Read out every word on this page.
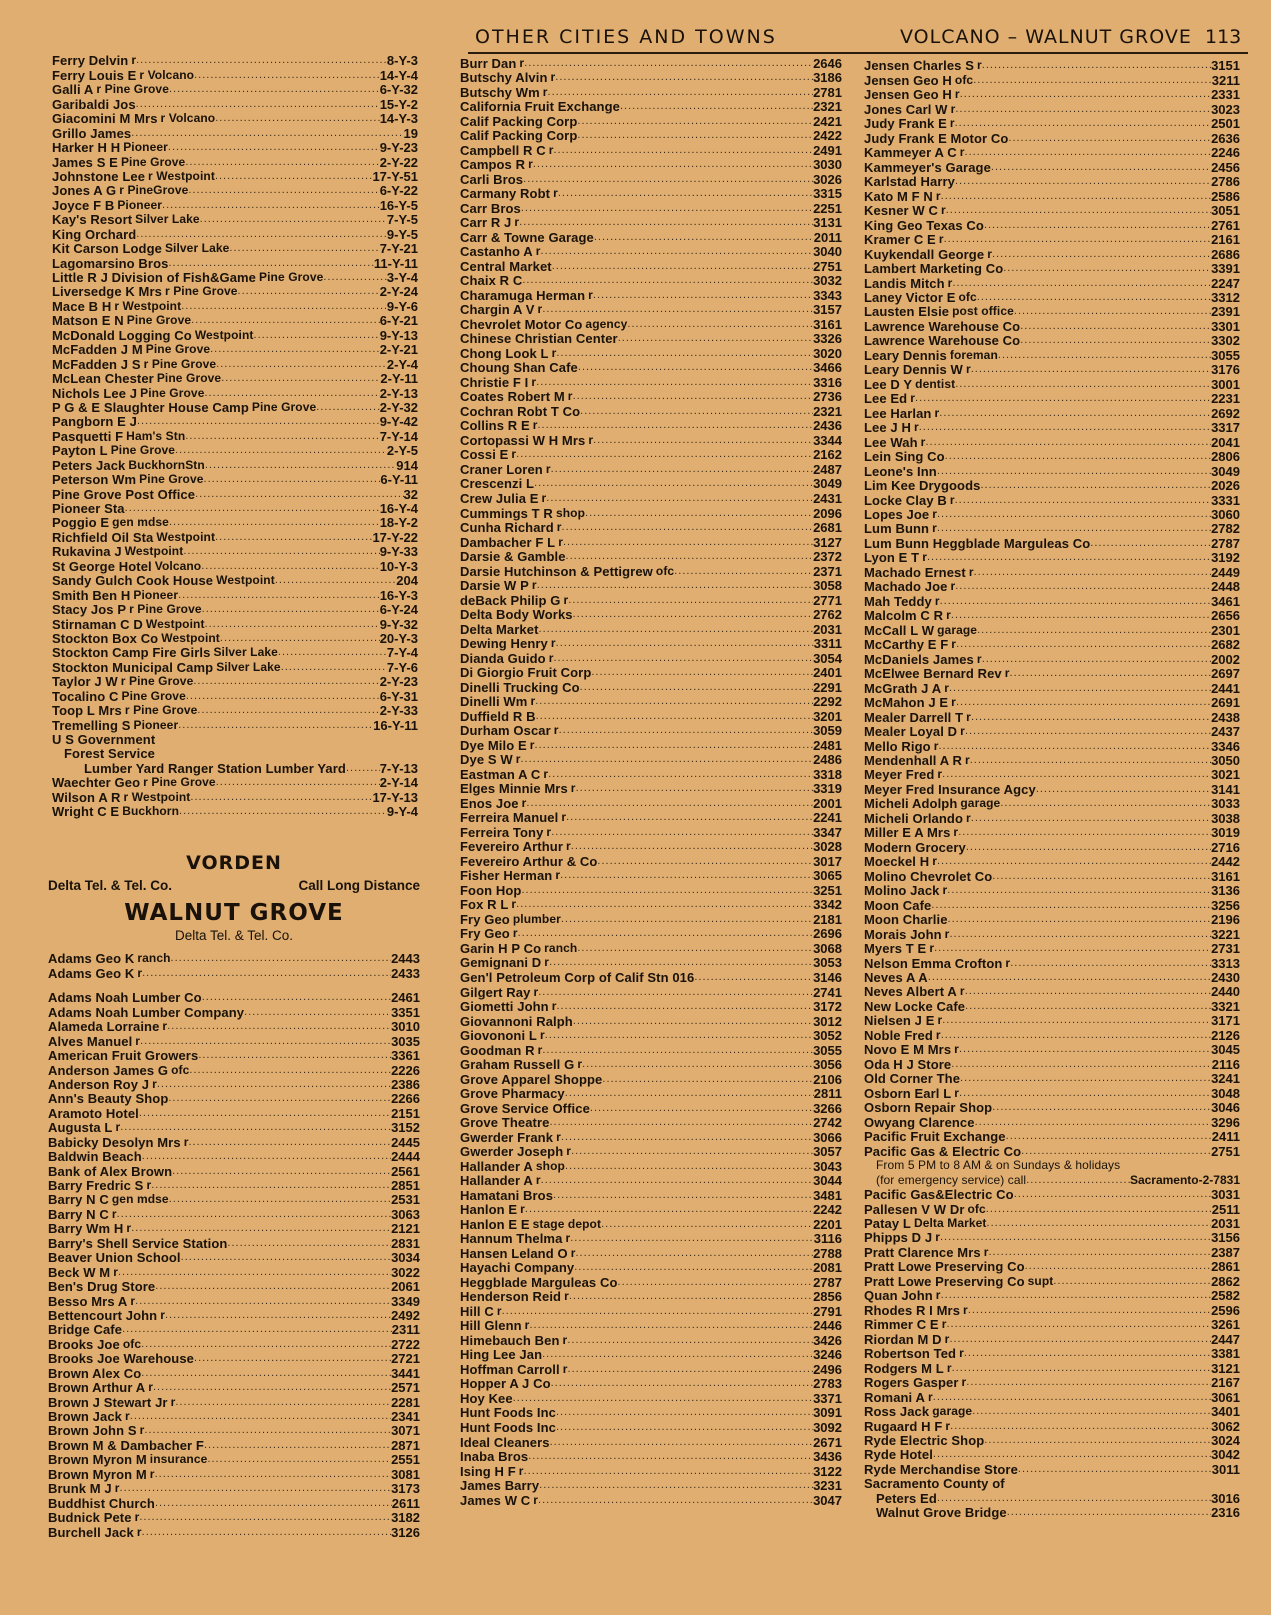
OTHER CITIES AND TOWNS	VOLCANO – WALNUT GROVE 113
Ferry Delvin r .....	8-Y-3
Ferry Louis E r Volcano .....	14-Y-4
Galli A r Pine Grove .....	6-Y-32
Garibaldi Jos .....	15-Y-2
Giacomini M Mrs r Volcano .....	14-Y-3
Grillo James .....	19
Harker H H Pioneer .....	9-Y-23
James S E Pine Grove .....	2-Y-22
Johnstone Lee r Westpoint .....	17-Y-51
Jones A G r PineGrove .....	6-Y-22
Joyce F B Pioneer .....	16-Y-5
Kay's Resort Silver Lake .....	7-Y-5
King Orchard .....	9-Y-5
Kit Carson Lodge Silver Lake .....	7-Y-21
Lagomarsino Bros .....	11-Y-11
Little R J Division of Fish&Game Pine Grove .....	3-Y-4
Liversedge K Mrs r Pine Grove .....	2-Y-24
Mace B H r Westpoint .....	9-Y-6
Matson E N Pine Grove .....	6-Y-21
McDonald Logging Co Westpoint .....	9-Y-13
McFadden J M Pine Grove .....	2-Y-21
McFadden J S r Pine Grove .....	2-Y-4
McLean Chester Pine Grove .....	2-Y-11
Nichols Lee J Pine Grove .....	2-Y-13
P G & E Slaughter House Camp Pine Grove .....	2-Y-32
Pangborn E J .....	9-Y-42
Pasquetti F Ham's Stn .....	7-Y-14
Payton L Pine Grove .....	2-Y-5
Peters Jack BuckhornStn .....	914
Peterson Wm Pine Grove .....	6-Y-11
Pine Grove Post Office .....	32
Pioneer Sta .....	16-Y-4
Poggio E gen mdse .....	18-Y-2
Richfield Oil Sta Westpoint .....	17-Y-22
Rukavina J Westpoint .....	9-Y-33
St George Hotel Volcano .....	10-Y-3
Sandy Gulch Cook House Westpoint .....	204
Smith Ben H Pioneer .....	16-Y-3
Stacy Jos P r Pine Grove .....	6-Y-24
Stirnaman C D Westpoint .....	9-Y-32
Stockton Box Co Westpoint .....	20-Y-3
Stockton Camp Fire Girls Silver Lake .....	7-Y-4
Stockton Municipal Camp Silver Lake .....	7-Y-6
Taylor J W r Pine Grove .....	2-Y-23
Tocalino C Pine Grove .....	6-Y-31
Toop L Mrs r Pine Grove .....	2-Y-33
Tremelling S Pioneer .....	16-Y-11
U S Government
Forest Service
Lumber Yard Ranger Station Lumber Yard .....	7-Y-13
Waechter Geo r Pine Grove .....	2-Y-14
Wilson A R r Westpoint .....	17-Y-13
Wright C E Buckhorn .....	9-Y-4
VORDEN
Delta Tel. & Tel. Co.	Call Long Distance
WALNUT GROVE
Delta Tel. & Tel. Co.
Adams Geo K ranch .....	2443
Adams Geo K r .....	2433
Adams Noah Lumber Co .....	2461
Adams Noah Lumber Company .....	3351
Alameda Lorraine r .....	3010
Alves Manuel r .....	3035
American Fruit Growers .....	3361
Anderson James G ofc .....	2226
Anderson Roy J r .....	2386
Ann's Beauty Shop .....	2266
Aramoto Hotel .....	2151
Augusta L r .....	3152
Babicky Desolyn Mrs r .....	2445
Baldwin Beach .....	2444
Bank of Alex Brown .....	2561
Barry Fredric S r .....	2851
Barry N C gen mdse .....	2531
Barry N C r .....	3063
Barry Wm H r .....	2121
Barry's Shell Service Station .....	2831
Beaver Union School .....	3034
Beck W M r .....	3022
Ben's Drug Store .....	2061
Besso Mrs A r .....	3349
Bettencourt John r .....	2492
Bridge Cafe .....	2311
Brooks Joe ofc .....	2722
Brooks Joe Warehouse .....	2721
Brown Alex Co .....	3441
Brown Arthur A r .....	2571
Brown J Stewart Jr r .....	2281
Brown Jack r .....	2341
Brown John S r .....	3071
Brown M & Dambacher F .....	2871
Brown Myron M insurance .....	2551
Brown Myron M r .....	3081
Brunk M J r .....	3173
Buddhist Church .....	2611
Budnick Pete r .....	3182
Burchell Jack r .....	3126
Burr Dan r .....	2646
Butschy Alvin r .....	3186
Butschy Wm r .....	2781
California Fruit Exchange .....	2321
Calif Packing Corp .....	2421
Calif Packing Corp .....	2422
Campbell R C r .....	2491
Campos R r .....	3030
Carli Bros .....	3026
Carmany Robt r .....	3315
Carr Bros .....	2251
Carr R J r .....	3131
Carr & Towne Garage .....	2011
Castanho A r .....	3040
Central Market .....	2751
Chaix R C .....	3032
Charamuga Herman r .....	3343
Chargin A V r .....	3157
Chevrolet Motor Co agency .....	3161
Chinese Christian Center .....	3326
Chong Look L r .....	3020
Choung Shan Cafe .....	3466
Christie F I r .....	3316
Coates Robert M r .....	2736
Cochran Robt T Co .....	2321
Collins R E r .....	2436
Cortopassi W H Mrs r .....	3344
Cossi E r .....	2162
Craner Loren r .....	2487
Crescenzi L .....	3049
Crew Julia E r .....	2431
Cummings T R shop .....	2096
Cunha Richard r .....	2681
Dambacher F L r .....	3127
Darsie & Gamble .....	2372
Darsie Hutchinson & Pettigrew ofc .....	2371
Darsie W P r .....	3058
deBack Philip G r .....	2771
Delta Body Works .....	2762
Delta Market .....	2031
Dewing Henry r .....	3311
Dianda Guido r .....	3054
Di Giorgio Fruit Corp .....	2401
Dinelli Trucking Co .....	2291
Dinelli Wm r .....	2292
Duffield R B .....	3201
Durham Oscar r .....	3059
Dye Milo E r .....	2481
Dye S W r .....	2486
Eastman A C r .....	3318
Elges Minnie Mrs r .....	3319
Enos Joe r .....	2001
Ferreira Manuel r .....	2241
Ferreira Tony r .....	3347
Fevereiro Arthur r .....	3028
Fevereiro Arthur & Co .....	3017
Fisher Herman r .....	3065
Foon Hop .....	3251
Fox R L r .....	3342
Fry Geo plumber .....	2181
Fry Geo r .....	2696
Garin H P Co ranch .....	3068
Gemignani D r .....	3053
Gen'l Petroleum Corp of Calif Stn 016 .....	3146
Gilgert Ray r .....	2741
Giometti John r .....	3172
Giovannoni Ralph .....	3012
Giovononi L r .....	3052
Goodman R r .....	3055
Graham Russell G r .....	3056
Grove Apparel Shoppe .....	2106
Grove Pharmacy .....	2811
Grove Service Office .....	3266
Grove Theatre .....	2742
Gwerder Frank r .....	3066
Gwerder Joseph r .....	3057
Hallander A shop .....	3043
Hallander A r .....	3044
Hamatani Bros .....	3481
Hanlon E r .....	2242
Hanlon E E stage depot .....	2201
Hannum Thelma r .....	3116
Hansen Leland O r .....	2788
Hayachi Company .....	2081
Heggblade Marguleas Co .....	2787
Henderson Reid r .....	2856
Hill C r .....	2791
Hill Glenn r .....	2446
Himebauch Ben r .....	3426
Hing Lee Jan .....	3246
Hoffman Carroll r .....	2496
Hopper A J Co .....	2783
Hoy Kee .....	3371
Hunt Foods Inc .....	3091
Hunt Foods Inc .....	3092
Ideal Cleaners .....	2671
Inaba Bros .....	3436
Ising H F r .....	3122
James Barry .....	3231
James W C r .....	3047
Jensen Charles S r .....	3151
Jensen Geo H ofc .....	3211
Jensen Geo H r .....	2331
Jones Carl W r .....	3023
Judy Frank E r .....	2501
Judy Frank E Motor Co .....	2636
Kammeyer A C r .....	2246
Kammeyer's Garage .....	2456
Karlstad Harry .....	2786
Kato M F N r .....	2586
Kesner W C r .....	3051
King Geo Texas Co .....	2761
Kramer C E r .....	2161
Kuykendall George r .....	2686
Lambert Marketing Co .....	3391
Landis Mitch r .....	2247
Laney Victor E ofc .....	3312
Lausten Elsie post office .....	2391
Lawrence Warehouse Co .....	3301
Lawrence Warehouse Co .....	3302
Leary Dennis foreman .....	3055
Leary Dennis W r .....	3176
Lee D Y dentist .....	3001
Lee Ed r .....	2231
Lee Harlan r .....	2692
Lee J H r .....	3317
Lee Wah r .....	2041
Lein Sing Co .....	2806
Leone's Inn .....	3049
Lim Kee Drygoods .....	2026
Locke Clay B r .....	3331
Lopes Joe r .....	3060
Lum Bunn r .....	2782
Lum Bunn Heggblade Marguleas Co .....	2787
Lyon E T r .....	3192
Machado Ernest r .....	2449
Machado Joe r .....	2448
Mah Teddy r .....	3461
Malcolm C R r .....	2656
McCall L W garage .....	2301
McCarthy E F r .....	2682
McDaniels James r .....	2002
McElwee Bernard Rev r .....	2697
McGrath J A r .....	2441
McMahon J E r .....	2691
Mealer Darrell T r .....	2438
Mealer Loyal D r .....	2437
Mello Rigo r .....	3346
Mendenhall A R r .....	3050
Meyer Fred r .....	3021
Meyer Fred Insurance Agcy .....	3141
Micheli Adolph garage .....	3033
Micheli Orlando r .....	3038
Miller E A Mrs r .....	3019
Modern Grocery .....	2716
Moeckel H r .....	2442
Molino Chevrolet Co .....	3161
Molino Jack r .....	3136
Moon Cafe .....	3256
Moon Charlie .....	2196
Morais John r .....	3221
Myers T E r .....	2731
Nelson Emma Crofton r .....	3313
Neves A A .....	2430
Neves Albert A r .....	2440
New Locke Cafe .....	3321
Nielsen J E r .....	3171
Noble Fred r .....	2126
Novo E M Mrs r .....	3045
Oda H J Store .....	2116
Old Corner The .....	3241
Osborn Earl L r .....	3048
Osborn Repair Shop .....	3046
Owyang Clarence .....	3296
Pacific Fruit Exchange .....	2411
Pacific Gas & Electric Co .....	2751
From 5 PM to 8 AM & on Sundays & holidays
(for emergency service) call .....	Sacramento-2-7831
Pacific Gas&Electric Co .....	3031
Pallesen V W Dr ofc .....	2511
Patay L Delta Market .....	2031
Phipps D J r .....	3156
Pratt Clarence Mrs r .....	2387
Pratt Lowe Preserving Co .....	2861
Pratt Lowe Preserving Co supt .....	2862
Quan John r .....	2582
Rhodes R I Mrs r .....	2596
Rimmer C E r .....	3261
Riordan M D r .....	2447
Robertson Ted r .....	3381
Rodgers M L r .....	3121
Rogers Gasper r .....	2167
Romani A r .....	3061
Ross Jack garage .....	3401
Rugaard H F r .....	3062
Ryde Electric Shop .....	3024
Ryde Hotel .....	3042
Ryde Merchandise Store .....	3011
Sacramento County of
Peters Ed .....	3016
Walnut Grove Bridge .....	2316
